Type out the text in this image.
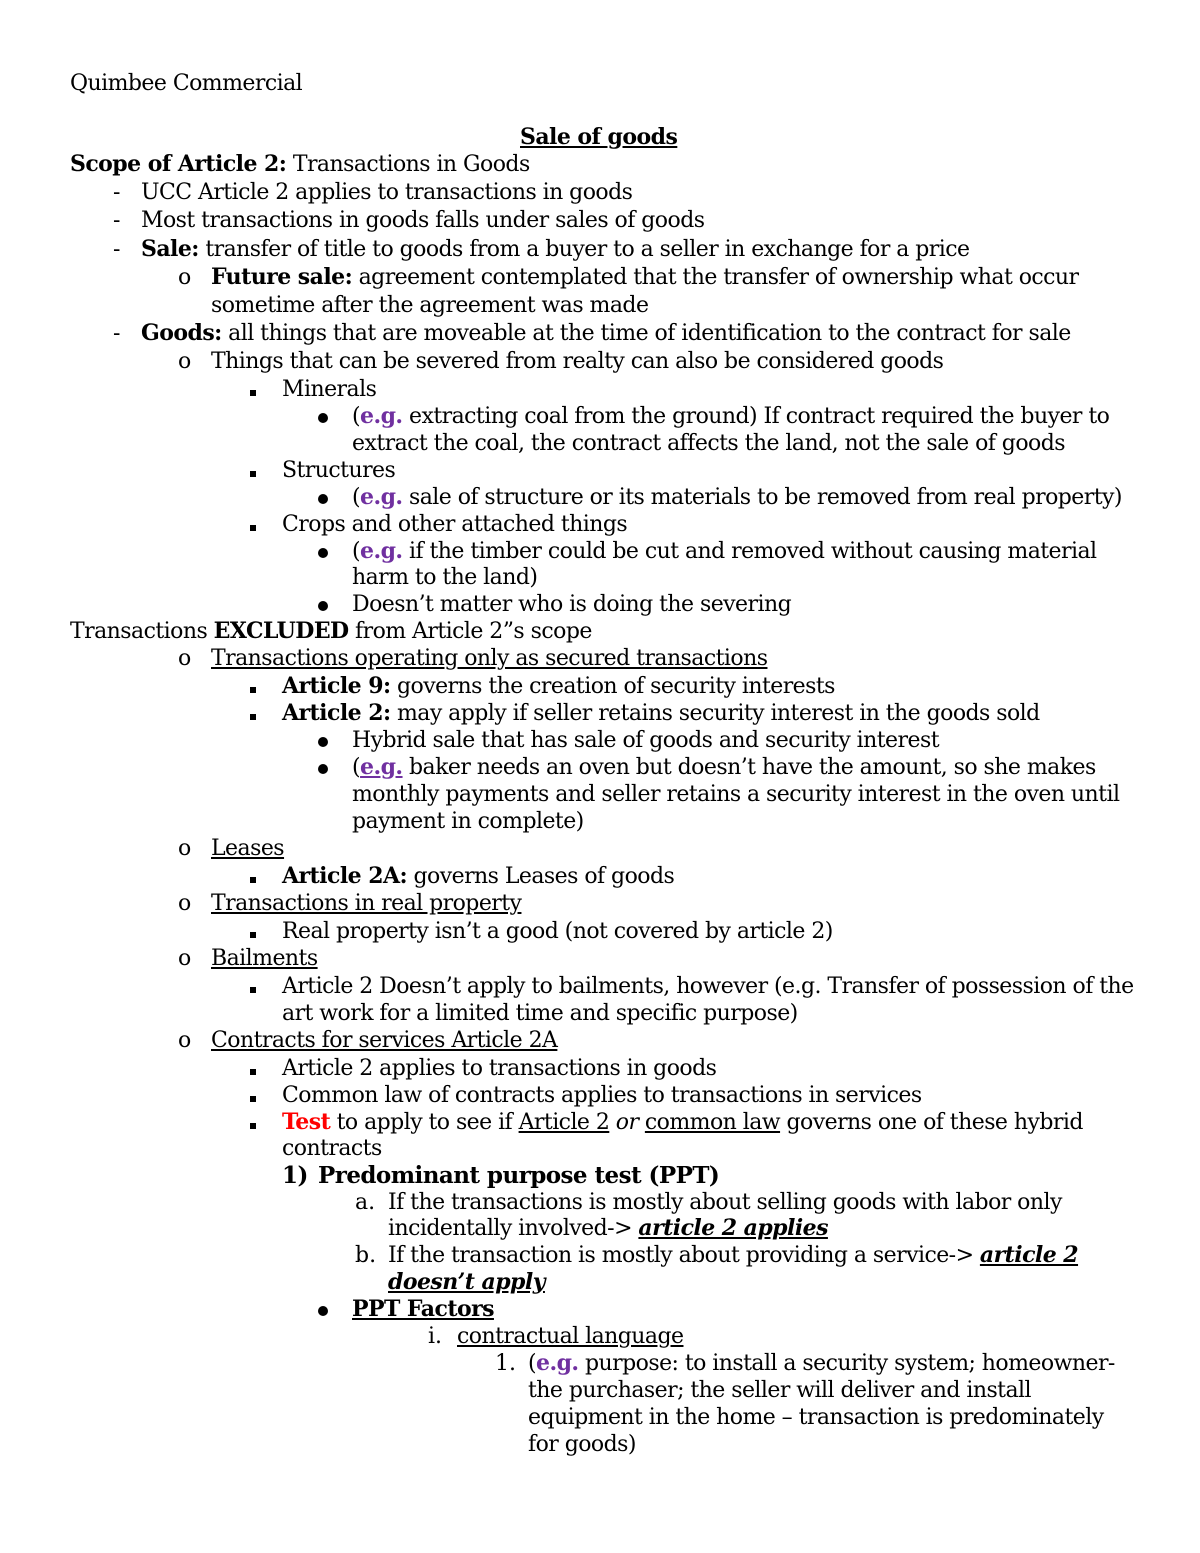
Quimbee Commercial
Sale of goods
Scope of Article 2: Transactions in Goods
- UCC Article 2 applies to transactions in goods
- Most transactions in goods falls under sales of goods
- Sale: transfer of title to goods from a buyer to a seller in exchange for a price
o Future sale: agreement contemplated that the transfer of ownership what occur
sometime after the agreement was made
- Goods: all things that are moveable at the time of identification to the contract for sale
o Things that can be severed from realty can also be considered goods
Minerals
(e.g. extracting coal from the ground) If contract required the buyer to
extract the coal, the contract affects the land, not the sale of goods
Structures
(e.g. sale of structure or its materials to be removed from real property)
Crops and other attached things
(e.g. if the timber could be cut and removed without causing material
harm to the land)
Doesn’t matter who is doing the severing
Transactions EXCLUDED from Article 2”s scope
o Transactions operating only as secured transactions
Article 9: governs the creation of security interests
Article 2: may apply if seller retains security interest in the goods sold
Hybrid sale that has sale of goods and security interest
(e.g. baker needs an oven but doesn’t have the amount, so she makes
monthly payments and seller retains a security interest in the oven until
payment in complete)
o Leases
Article 2A: governs Leases of goods
o Transactions in real property
Real property isn’t a good (not covered by article 2)
o Bailments
Article 2 Doesn’t apply to bailments, however (e.g. Transfer of possession of the
art work for a limited time and specific purpose)
o Contracts for services Article 2A
Article 2 applies to transactions in goods
Common law of contracts applies to transactions in services
Test to apply to see if Article 2 or common law governs one of these hybrid
contracts
1) Predominant purpose test (PPT)
a. If the transactions is mostly about selling goods with labor only
incidentally involved-> article 2 applies
b. If the transaction is mostly about providing a service-> article 2
doesn’t apply
PPT Factors
i. contractual language
1. (e.g. purpose: to install a security system; homeowner-
the purchaser; the seller will deliver and install
equipment in the home – transaction is predominately
for goods)
